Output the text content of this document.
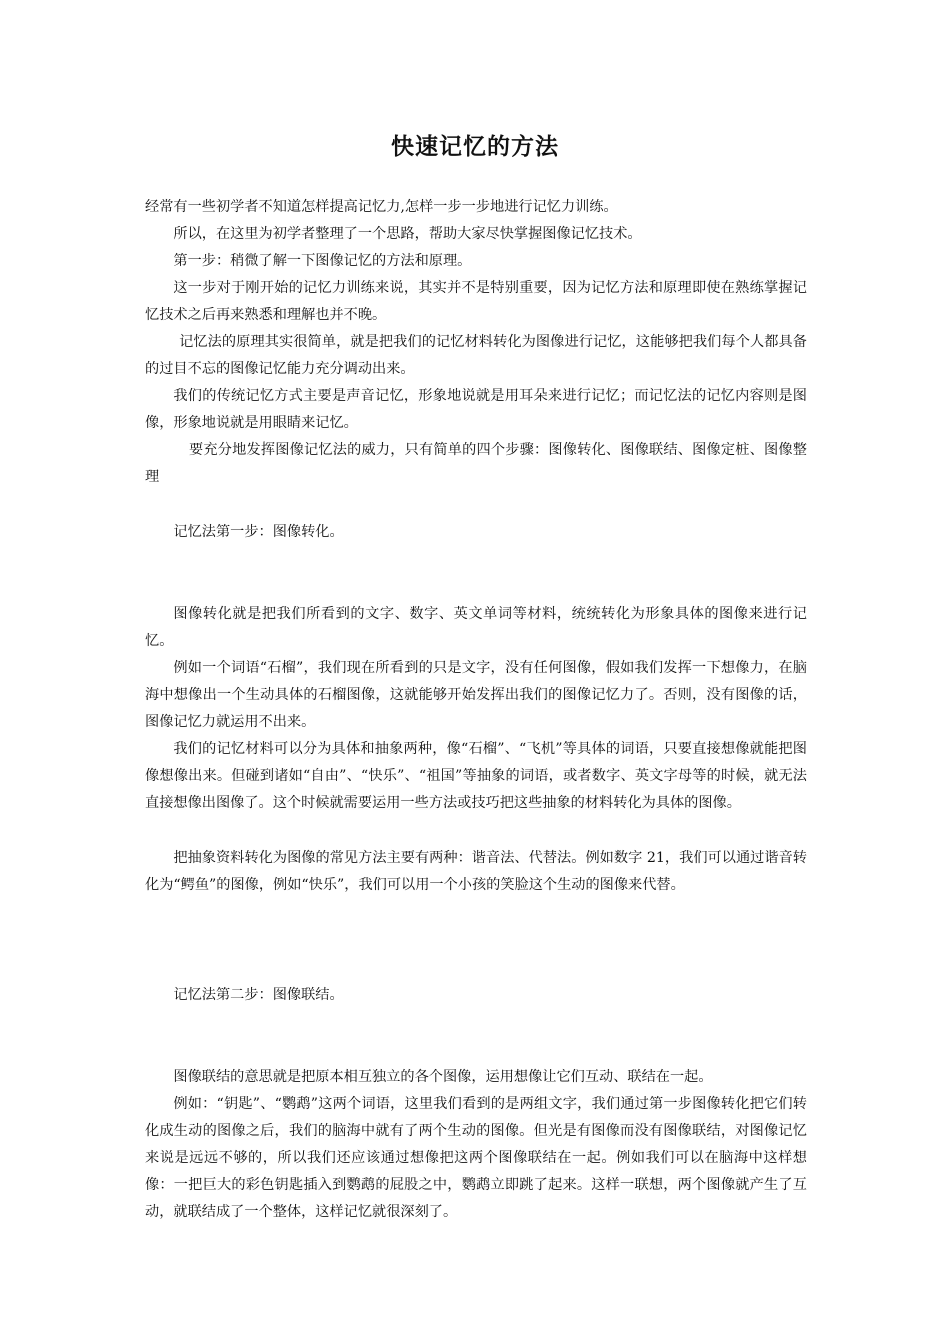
快速记忆的方法

经常有一些初学者不知道怎样提高记忆力,怎样一步一步地进行记忆力训练。

所以，在这里为初学者整理了一个思路，帮助大家尽快掌握图像记忆技术。

第一步：稍微了解一下图像记忆的方法和原理。

这一步对于刚开始的记忆力训练来说，其实并不是特别重要，因为记忆方法和原理即使在熟练掌握记忆技术之后再来熟悉和理解也并不晚。

记忆法的原理其实很简单，就是把我们的记忆材料转化为图像进行记忆，这能够把我们每个人都具备的过目不忘的图像记忆能力充分调动出来。

我们的传统记忆方式主要是声音记忆，形象地说就是用耳朵来进行记忆；而记忆法的记忆内容则是图像，形象地说就是用眼睛来记忆。

要充分地发挥图像记忆法的威力，只有简单的四个步骤：图像转化、图像联结、图像定桩、图像整理

记忆法第一步：图像转化。

图像转化就是把我们所看到的文字、数字、英文单词等材料，统统转化为形象具体的图像来进行记忆。

例如一个词语“石榴”，我们现在所看到的只是文字，没有任何图像，假如我们发挥一下想像力，在脑海中想像出一个生动具体的石榴图像，这就能够开始发挥出我们的图像记忆力了。否则，没有图像的话，图像记忆力就运用不出来。

我们的记忆材料可以分为具体和抽象两种，像“石榴”、“飞机”等具体的词语，只要直接想像就能把图像想像出来。但碰到诸如“自由”、“快乐”、“祖国”等抽象的词语，或者数字、英文字母等的时候，就无法直接想像出图像了。这个时候就需要运用一些方法或技巧把这些抽象的材料转化为具体的图像。

把抽象资料转化为图像的常见方法主要有两种：谐音法、代替法。例如数字 21，我们可以通过谐音转化为“鳄鱼”的图像，例如“快乐”，我们可以用一个小孩的笑脸这个生动的图像来代替。

记忆法第二步：图像联结。

图像联结的意思就是把原本相互独立的各个图像，运用想像让它们互动、联结在一起。

例如：“钥匙”、“鹦鹉”这两个词语，这里我们看到的是两组文字，我们通过第一步图像转化把它们转化成生动的图像之后，我们的脑海中就有了两个生动的图像。但光是有图像而没有图像联结，对图像记忆来说是远远不够的，所以我们还应该通过想像把这两个图像联结在一起。例如我们可以在脑海中这样想像：一把巨大的彩色钥匙插入到鹦鹉的屁股之中，鹦鹉立即跳了起来。这样一联想，两个图像就产生了互动，就联结成了一个整体，这样记忆就很深刻了。
